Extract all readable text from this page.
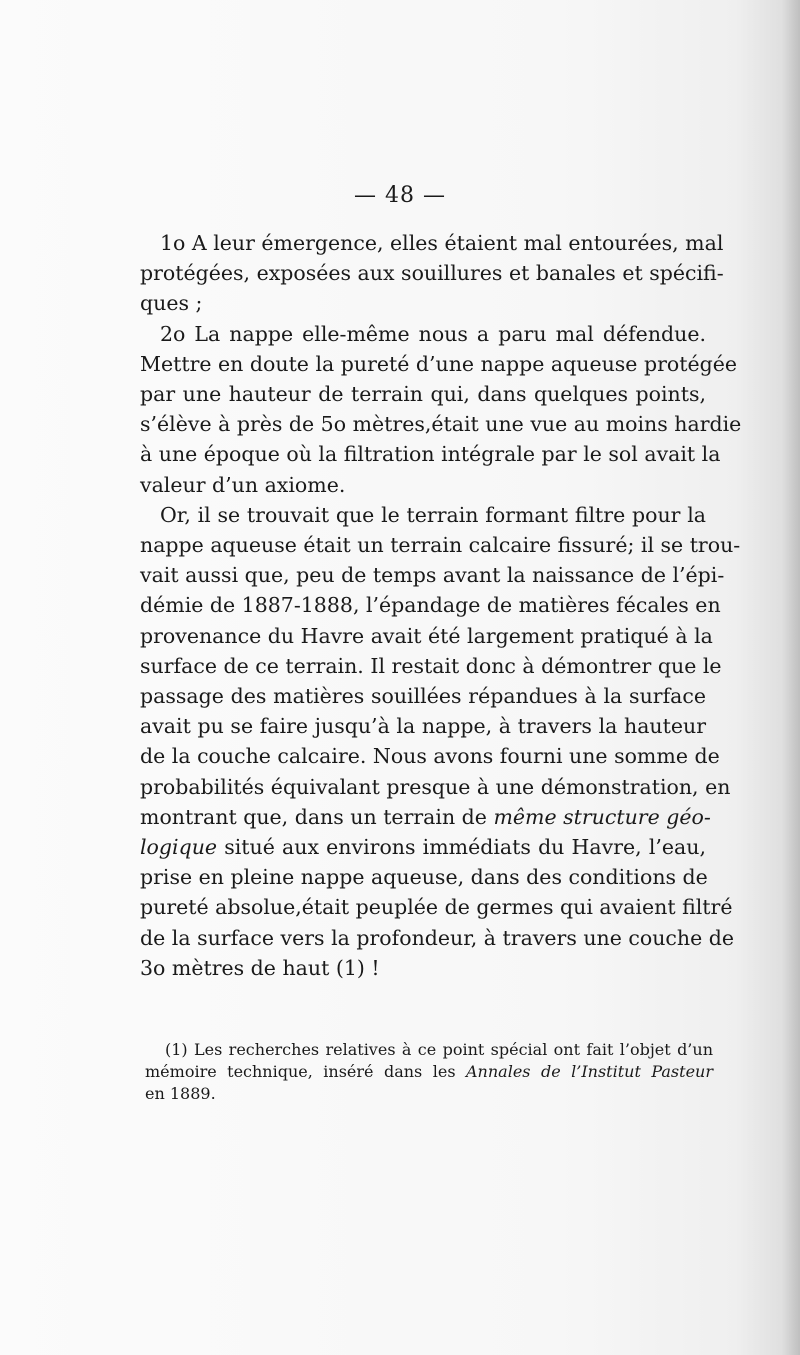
— 48 —
1o A leur émergence, elles étaient mal entourées, mal
protégées, exposées aux souillures et banales et spécifi-
ques ;
2o La nappe elle-même nous a paru mal défendue.
Mettre en doute la pureté d’une nappe aqueuse protégée
par une hauteur de terrain qui, dans quelques points,
s’élève à près de 5o mètres,était une vue au moins hardie
à une époque où la filtration intégrale par le sol avait la
valeur d’un axiome.
Or, il se trouvait que le terrain formant filtre pour la
nappe aqueuse était un terrain calcaire fissuré; il se trou-
vait aussi que, peu de temps avant la naissance de l’épi-
démie de 1887-1888, l’épandage de matières fécales en
provenance du Havre avait été largement pratiqué à la
surface de ce terrain. Il restait donc à démontrer que le
passage des matières souillées répandues à la surface
avait pu se faire jusqu’à la nappe, à travers la hauteur
de la couche calcaire. Nous avons fourni une somme de
probabilités équivalant presque à une démonstration, en
montrant que, dans un terrain de même structure géo-
logique situé aux environs immédiats du Havre, l’eau,
prise en pleine nappe aqueuse, dans des conditions de
pureté absolue,était peuplée de germes qui avaient filtré
de la surface vers la profondeur, à travers une couche de
3o mètres de haut (1) !
(1) Les recherches relatives à ce point spécial ont fait l’objet d’un
mémoire technique, inséré dans les Annales de l’Institut Pasteur
en 1889.
